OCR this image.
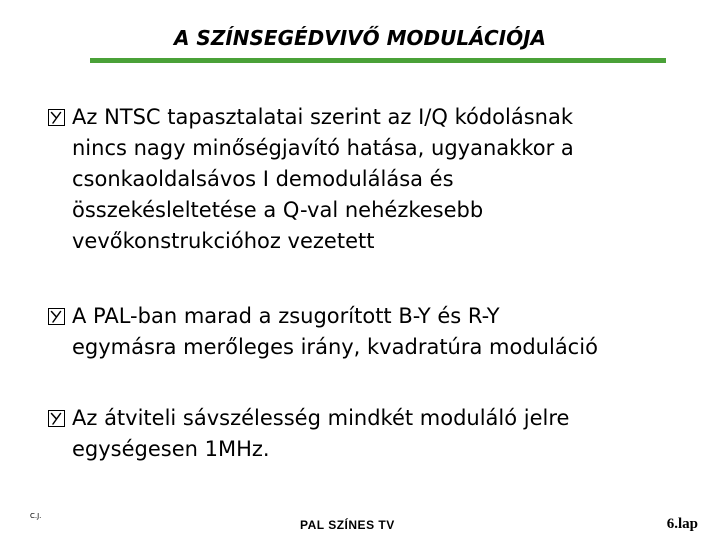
A SZÍNSEGÉDVIVŐ MODULÁCIÓJA
Az NTSC tapasztalatai szerint az I/Q kódolásnak
nincs nagy minőségjavító hatása, ugyanakkor a
csonkaoldalsávos I demodulálása és
összekésleltetése a Q-val nehézkesebb
vevőkonstrukcióhoz vezetett
A PAL-ban marad a zsugorított B-Y és R-Y
egymásra merőleges irány, kvadratúra moduláció
Az átviteli sávszélesség mindkét moduláló jelre
egységesen 1MHz.
C.J.
PAL SZÍNES TV	6.lap
